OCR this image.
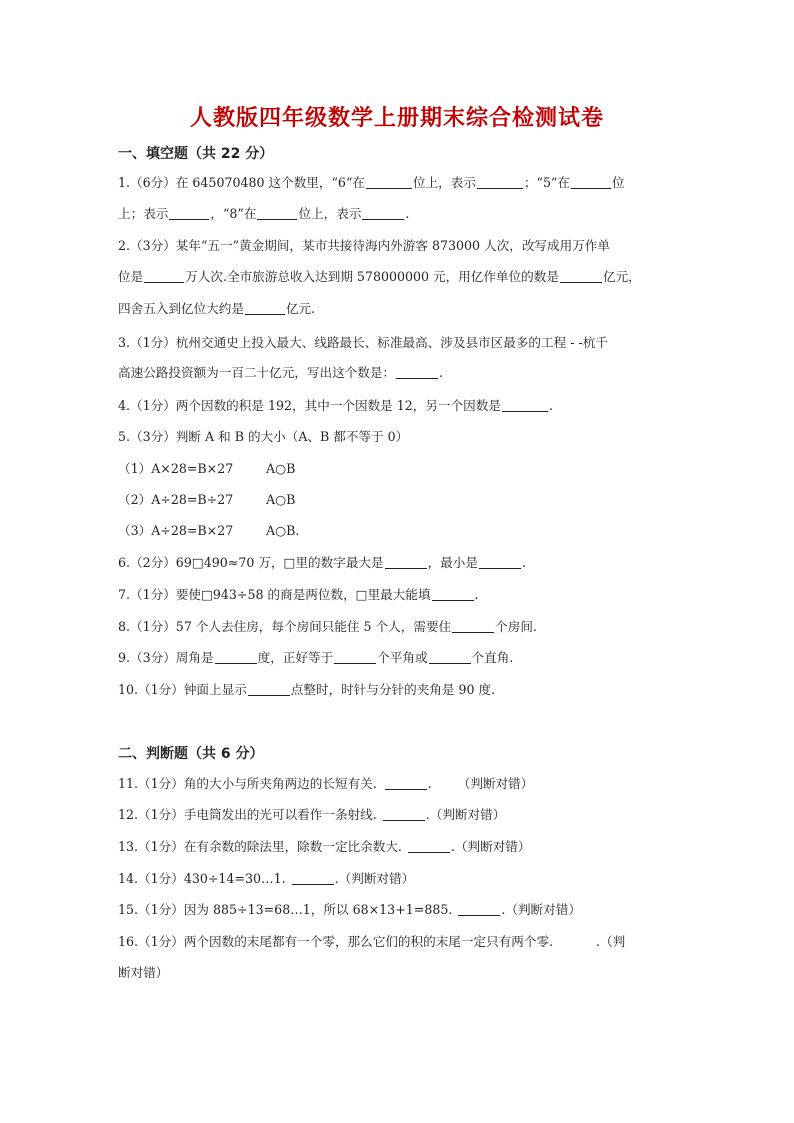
人教版四年级数学上册期末综合检测试卷
一、填空题（共 22 分）
1.（6分）在 645070480 这个数里，“6“在	位上，表示	；“5”在	位
上；表示	，“8”在	位上，表示	.
2.（3分）某年“五一”黄金期间，某市共接待海内外游客 873000 人次，改写成用万作单
位是	万人次.全市旅游总收入达到期 578000000 元，用亿作单位的数是	亿元，
四舍五入到亿位大约是	亿元.
3.（1分）杭州交通史上投入最大、线路最长、标准最高、涉及县市区最多的工程 - -杭千
高速公路投资额为一百二十亿元，写出这个数是：	.
4.（1分）两个因数的积是 192，其中一个因数是 12，另一个因数是	.
5.（3分）判断 A 和 B 的大小（A、B 都不等于 0）
（1）A×28=B×27	A○B
（2）A÷28=B÷27	A○B
（3）A÷28=B×27	A○B.
6.（2分）69□490≈70 万，□里的数字最大是	，最小是	.
7.（1分）要使□943÷58 的商是两位数，□里最大能填	.
8.（1分）57 个人去住房，每个房间只能住 5 个人，需要住	个房间.
9.（3分）周角是	度，正好等于	个平角或	个直角.
10.（1分）钟面上显示	点整时，时针与分针的夹角是 90 度.
二、判断题（共 6 分）
11.（1分）角的大小与所夹角两边的长短有关.	. （判断对错）
12.（1分）手电筒发出的光可以看作一条射线.	.（判断对错）
13.（1分）在有余数的除法里，除数一定比余数大.	.（判断对错）
14.（1分）430÷14=30…1.	.（判断对错）
15.（1分）因为 885÷13=68…1，所以 68×13+1=885.	.（判断对错）
16.（1分）两个因数的末尾都有一个零，那么它们的积的末尾一定只有两个零.	.（判
断对错）
